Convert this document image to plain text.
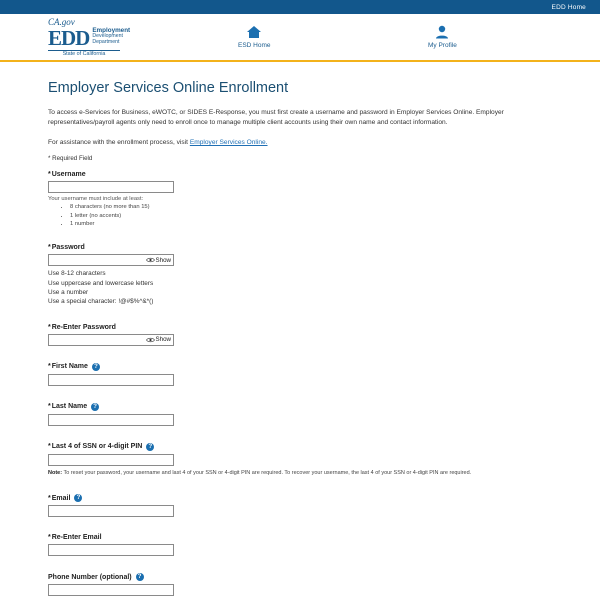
EDD Home
CA.gov
EDD Employment
Development
Department
State of California
ESD Home	My Profile
Employer Services Online Enrollment

To access e-Services for Business, eWOTC, or SIDES E-Response, you must first create a username and password in Employer Services Online. Employer representatives/payroll agents only need to enroll once to manage multiple client accounts using their own name and contact information.

For assistance with the enrollment process, visit Employer Services Online.

* Required Field
* Username
Your username must include at least:
• 8 characters (no more than 15)
• 1 letter (no accents)
• 1 number
* Password
Show
Use 8-12 characters
Use uppercase and lowercase letters
Use a number
Use a special character: !@#$%^&*()
* Re-Enter Password
Show
* First Name	?
* Last Name	?
* Last 4 of SSN or 4-digit PIN	?
Note: To reset your password, your username and last 4 of your SSN or 4-digit PIN are required. To recover your username, the last 4 of your SSN or 4-digit PIN are required.
* Email	?
* Re-Enter Email
Phone Number (optional)	?
